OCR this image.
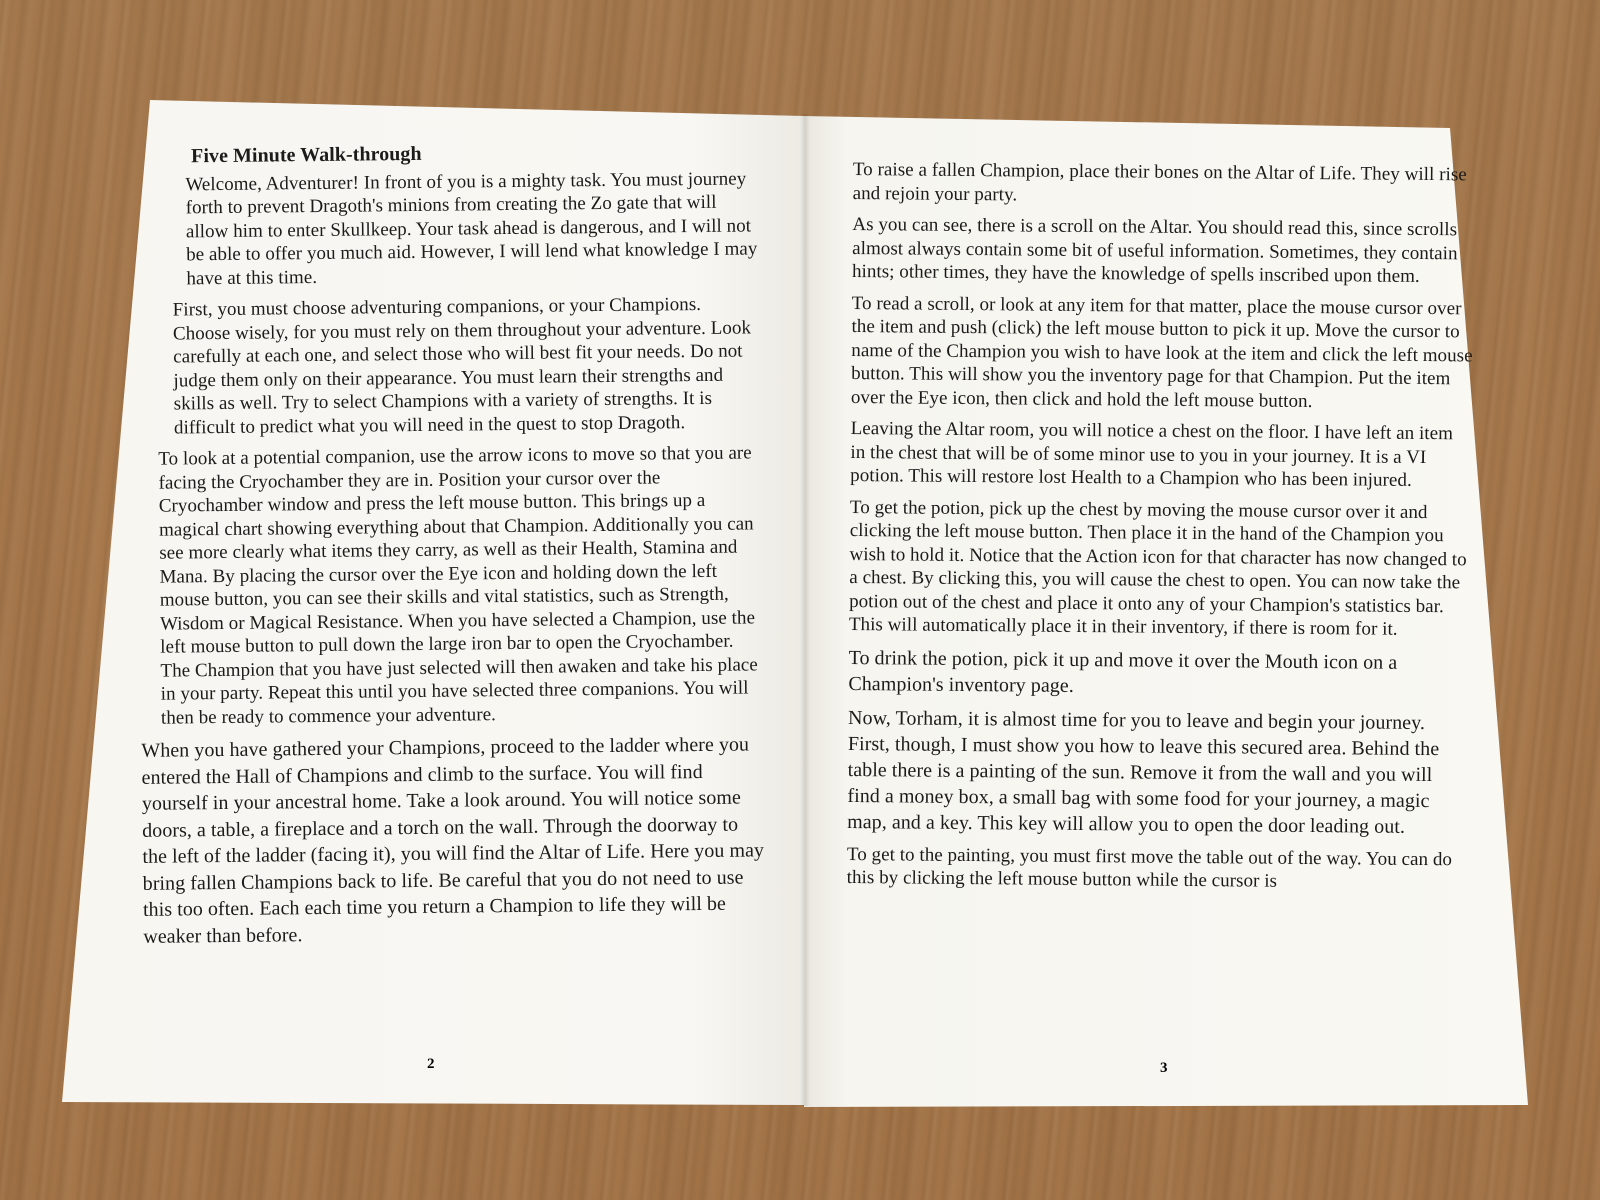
Five Minute Walk-through

Welcome, Adventurer! In front of you is a mighty task. You must journey forth to prevent Dragoth's minions from creating the Zo gate that will allow him to enter Skullkeep. Your task ahead is dangerous, and I will not be able to offer you much aid. However, I will lend what knowledge I may have at this time.

First, you must choose adventuring companions, or your Champions. Choose wisely, for you must rely on them throughout your adventure. Look carefully at each one, and select those who will best fit your needs. Do not judge them only on their appearance. You must learn their strengths and skills as well. Try to select Champions with a variety of strengths. It is difficult to predict what you will need in the quest to stop Dragoth.

To look at a potential companion, use the arrow icons to move so that you are facing the Cryochamber they are in. Position your cursor over the Cryochamber window and press the left mouse button. This brings up a magical chart showing everything about that Champion. Additionally you can see more clearly what items they carry, as well as their Health, Stamina and Mana. By placing the cursor over the Eye icon and holding down the left mouse button, you can see their skills and vital statistics, such as Strength, Wisdom or Magical Resistance. When you have selected a Champion, use the left mouse button to pull down the large iron bar to open the Cryochamber. The Champion that you have just selected will then awaken and take his place in your party. Repeat this until you have selected three companions. You will then be ready to commence your adventure.

When you have gathered your Champions, proceed to the ladder where you entered the Hall of Champions and climb to the surface. You will find yourself in your ancestral home. Take a look around. You will notice some doors, a table, a fireplace and a torch on the wall. Through the doorway to the left of the ladder (facing it), you will find the Altar of Life. Here you may bring fallen Champions back to life. Be careful that you do not need to use this too often. Each each time you return a Champion to life they will be weaker than before.

To raise a fallen Champion, place their bones on the Altar of Life. They will rise and rejoin your party.

As you can see, there is a scroll on the Altar. You should read this, since scrolls almost always contain some bit of useful information. Sometimes, they contain hints; other times, they have the knowledge of spells inscribed upon them.

To read a scroll, or look at any item for that matter, place the mouse cursor over the item and push (click) the left mouse button to pick it up. Move the cursor to name of the Champion you wish to have look at the item and click the left mouse button. This will show you the inventory page for that Champion. Put the item over the Eye icon, then click and hold the left mouse button.

Leaving the Altar room, you will notice a chest on the floor. I have left an item in the chest that will be of some minor use to you in your journey. It is a VI potion. This will restore lost Health to a Champion who has been injured.

To get the potion, pick up the chest by moving the mouse cursor over it and clicking the left mouse button. Then place it in the hand of the Champion you wish to hold it. Notice that the Action icon for that character has now changed to a chest. By clicking this, you will cause the chest to open. You can now take the potion out of the chest and place it onto any of your Champion's statistics bar. This will automatically place it in their inventory, if there is room for it.

To drink the potion, pick it up and move it over the Mouth icon on a Champion's inventory page.

Now, Torham, it is almost time for you to leave and begin your journey. First, though, I must show you how to leave this secured area. Behind the table there is a painting of the sun. Remove it from the wall and you will find a money box, a small bag with some food for your journey, a magic map, and a key. This key will allow you to open the door leading out.

To get to the painting, you must first move the table out of the way. You can do this by clicking the left mouse button while the cursor is

2	3
